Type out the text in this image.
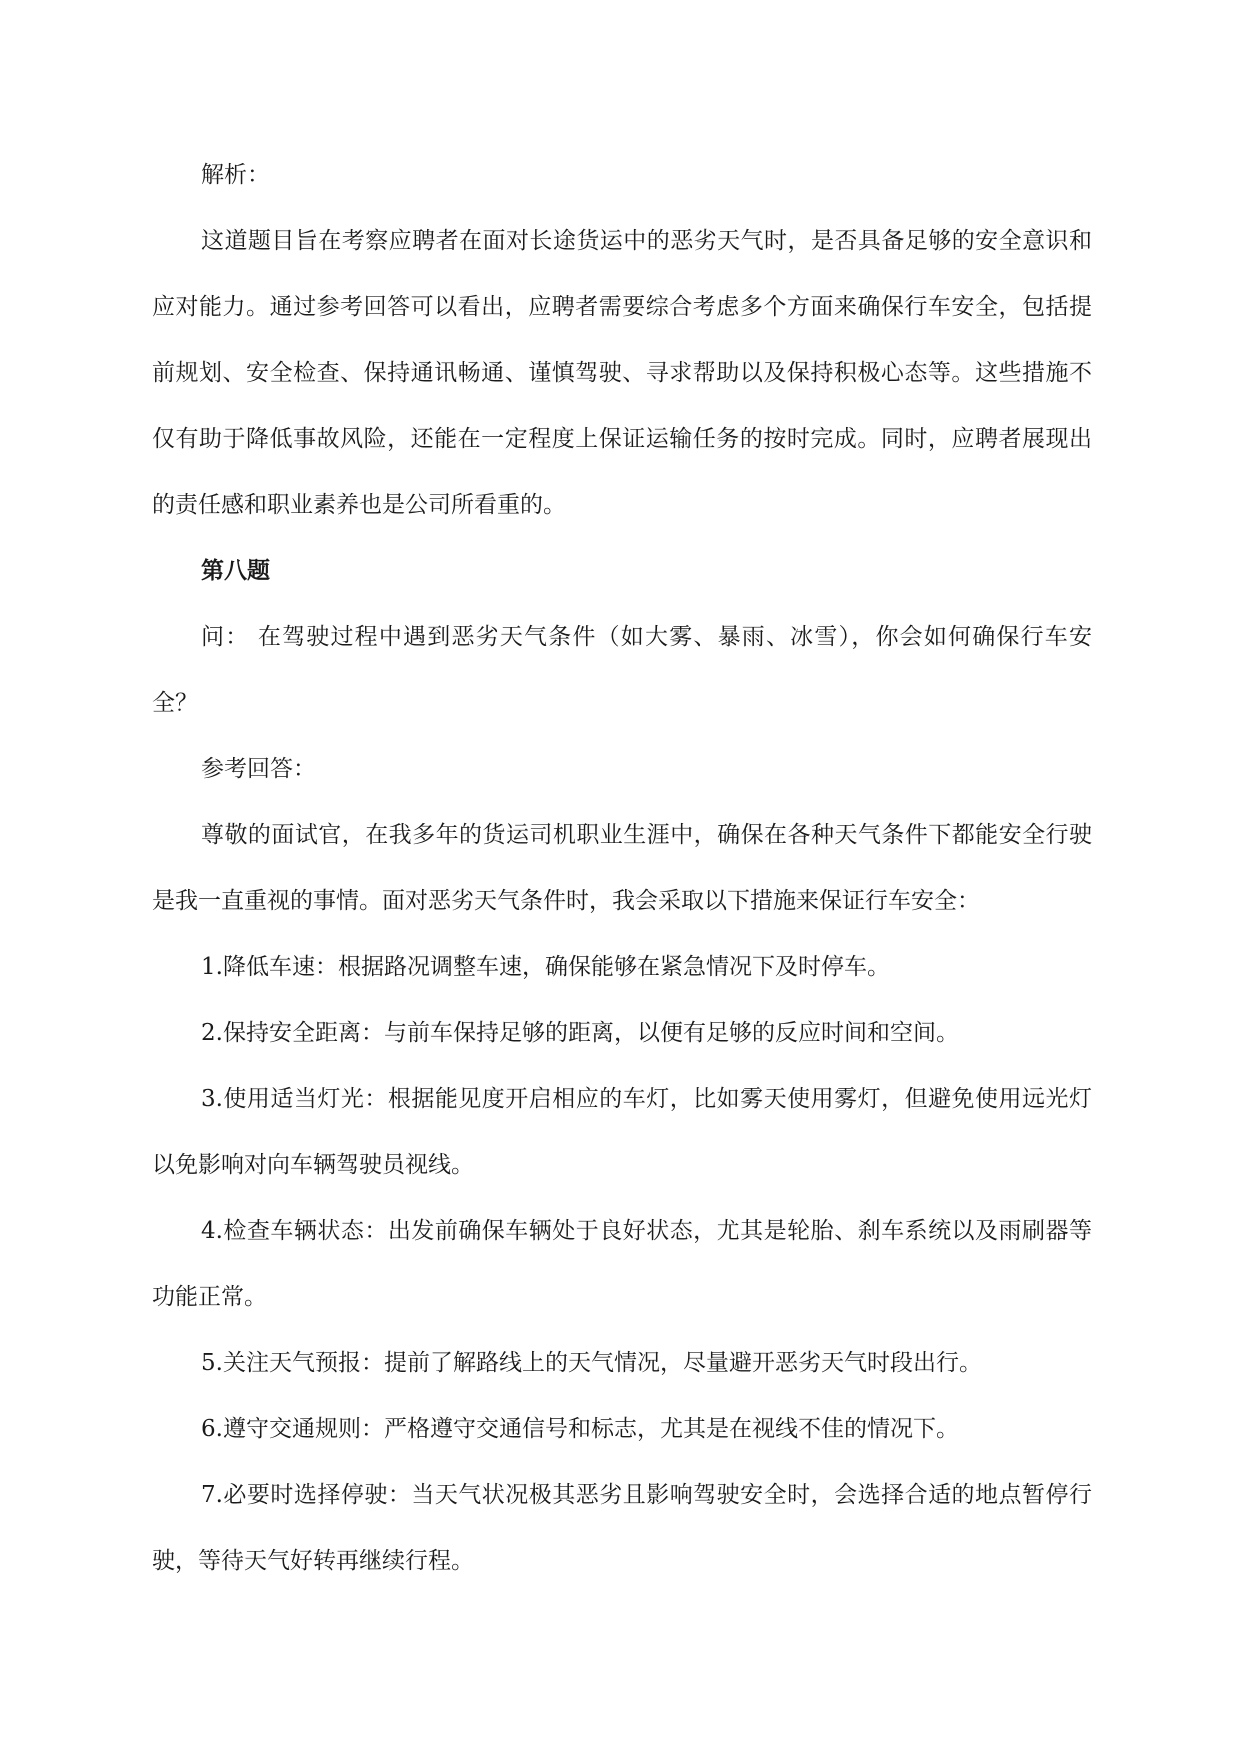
解析：

这道题目旨在考察应聘者在面对长途货运中的恶劣天气时，是否具备足够的安全意识和应对能力。通过参考回答可以看出，应聘者需要综合考虑多个方面来确保行车安全，包括提前规划、安全检查、保持通讯畅通、谨慎驾驶、寻求帮助以及保持积极心态等。这些措施不仅有助于降低事故风险，还能在一定程度上保证运输任务的按时完成。同时，应聘者展现出的责任感和职业素养也是公司所看重的。

第八题

问： 在驾驶过程中遇到恶劣天气条件（如大雾、暴雨、冰雪），你会如何确保行车安全？

参考回答：

尊敬的面试官，在我多年的货运司机职业生涯中，确保在各种天气条件下都能安全行驶是我一直重视的事情。面对恶劣天气条件时，我会采取以下措施来保证行车安全：

1.降低车速：根据路况调整车速，确保能够在紧急情况下及时停车。

2.保持安全距离：与前车保持足够的距离，以便有足够的反应时间和空间。

3.使用适当灯光：根据能见度开启相应的车灯，比如雾天使用雾灯，但避免使用远光灯以免影响对向车辆驾驶员视线。

4.检查车辆状态：出发前确保车辆处于良好状态，尤其是轮胎、刹车系统以及雨刷器等功能正常。

5.关注天气预报：提前了解路线上的天气情况，尽量避开恶劣天气时段出行。

6.遵守交通规则：严格遵守交通信号和标志，尤其是在视线不佳的情况下。

7.必要时选择停驶：当天气状况极其恶劣且影响驾驶安全时，会选择合适的地点暂停行驶，等待天气好转再继续行程。
